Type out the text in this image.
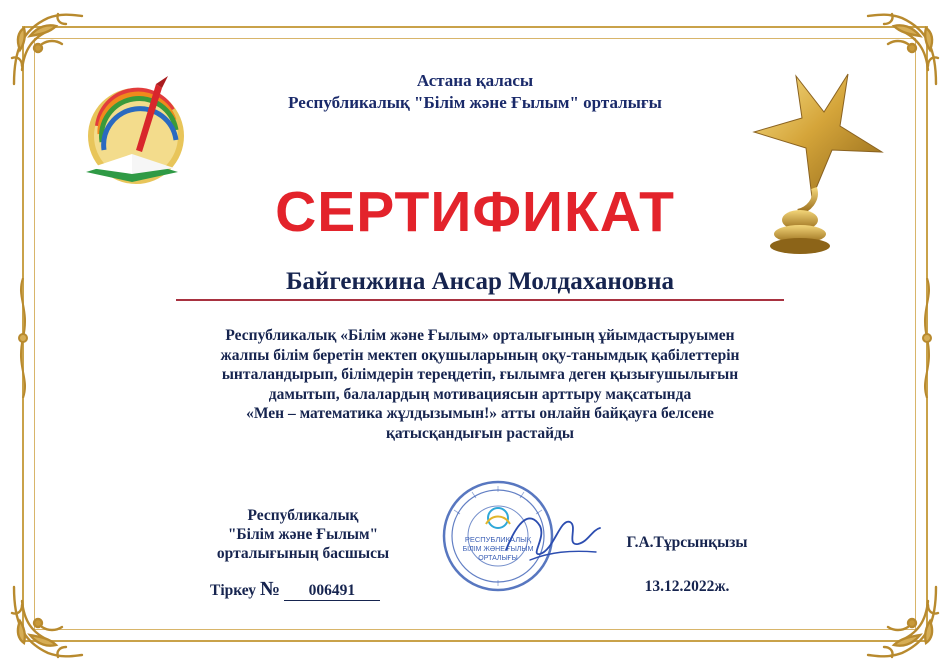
Астана қаласы
Республикалық "Білім және Ғылым" орталығы
СЕРТИФИКАТ
Байгенжина Ансар Молдахановна
Республикалық «Білім және Ғылым» орталығының ұйымдастыруымен
жалпы білім беретін мектеп оқушыларының оқу-танымдық қабілеттерін
ынталандырып, білімдерін тереңдетіп, ғылымға деген қызығушылығын
дамытып, балалардың мотивациясын арттыру мақсатында
«Мен – математика жұлдызымын!» атты онлайн байқауға белсене
қатысқандығын растайды
Республикалық
"Білім және Ғылым"
орталығының басшысы
РЕСПУБЛИКАЛЫҚ
БІЛІМ ЖӘНЕ ҒЫЛЫМ
ОРТАЛЫҒЫ
Г.А.Тұрсынқызы
Тіркеу № 006491	13.12.2022ж.
